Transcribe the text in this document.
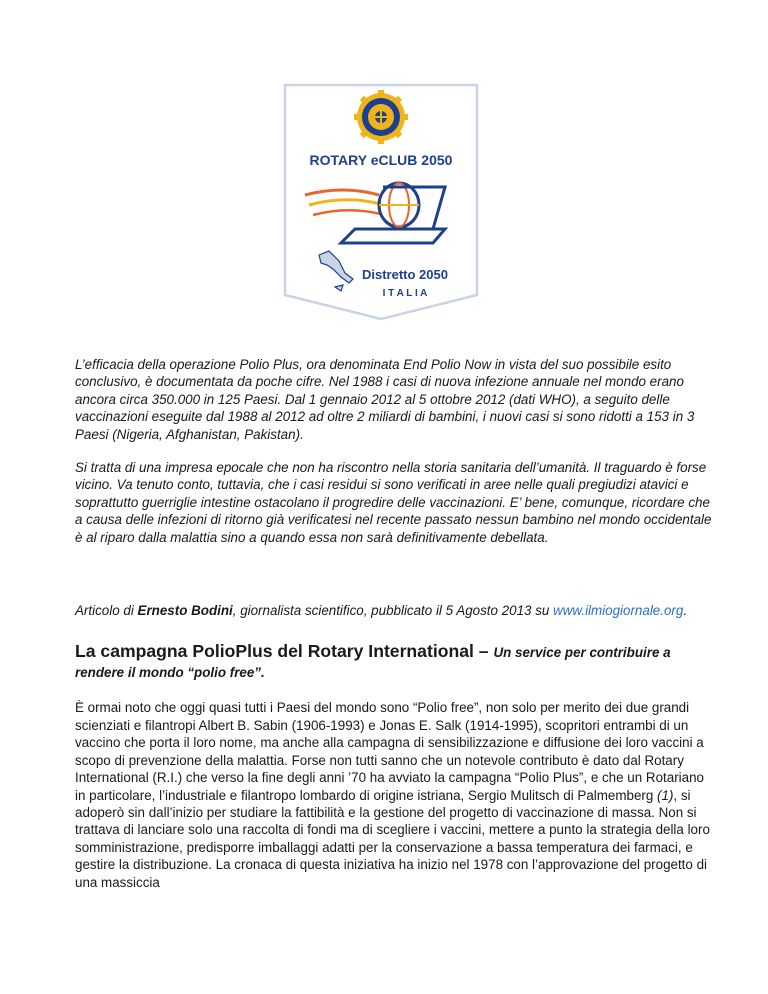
ROTARY eCLUB 2050
Distretto 2050
I T A L I A

L’efficacia della operazione Polio Plus, ora denominata End Polio Now in vista del suo possibile esito conclusivo, è documentata da poche cifre. Nel 1988 i casi di nuova infezione annuale nel mondo erano ancora circa 350.000 in 125 Paesi. Dal 1 gennaio 2012 al 5 ottobre 2012 (dati WHO), a seguito delle vaccinazioni eseguite dal 1988 al 2012 ad oltre 2 miliardi di bambini, i nuovi casi si sono ridotti a 153 in 3 Paesi (Nigeria, Afghanistan, Pakistan).

Si tratta di una impresa epocale che non ha riscontro nella storia sanitaria dell’umanità. Il traguardo è forse vicino. Va tenuto conto, tuttavia, che i casi residui si sono verificati in aree nelle quali pregiudizi atavici e soprattutto guerriglie intestine ostacolano il progredire delle vaccinazioni. E’ bene, comunque, ricordare che a causa delle infezioni di ritorno già verificatesi nel recente passato nessun bambino nel mondo occidentale è al riparo dalla malattia sino a quando essa non sarà definitivamente debellata.

Articolo di Ernesto Bodini, giornalista scientifico, pubblicato il 5 Agosto 2013 su www.ilmiogiornale.org.

La campagna PolioPlus del Rotary International – Un service per contribuire a rendere il mondo “polio free”.

È ormai noto che oggi quasi tutti i Paesi del mondo sono “Polio free”, non solo per merito dei due grandi scienziati e filantropi Albert B. Sabin (1906-1993) e Jonas E. Salk (1914-1995), scopritori entrambi di un vaccino che porta il loro nome, ma anche alla campagna di sensibilizzazione e diffusione dei loro vaccini a scopo di prevenzione della malattia. Forse non tutti sanno che un notevole contributo è dato dal Rotary International (R.I.) che verso la fine degli anni ’70 ha avviato la campagna “Polio Plus”, e che un Rotariano in particolare, l’industriale e filantropo lombardo di origine istriana, Sergio Mulitsch di Palmemberg (1), si adoperò sin dall’inizio per studiare la fattibilità e la gestione del progetto di vaccinazione di massa. Non si trattava di lanciare solo una raccolta di fondi ma di scegliere i vaccini, mettere a punto la strategia della loro somministrazione, predisporre imballaggi adatti per la conservazione a bassa temperatura dei farmaci, e gestire la distribuzione. La cronaca di questa iniziativa ha inizio nel 1978 con l’approvazione del progetto di una massiccia
